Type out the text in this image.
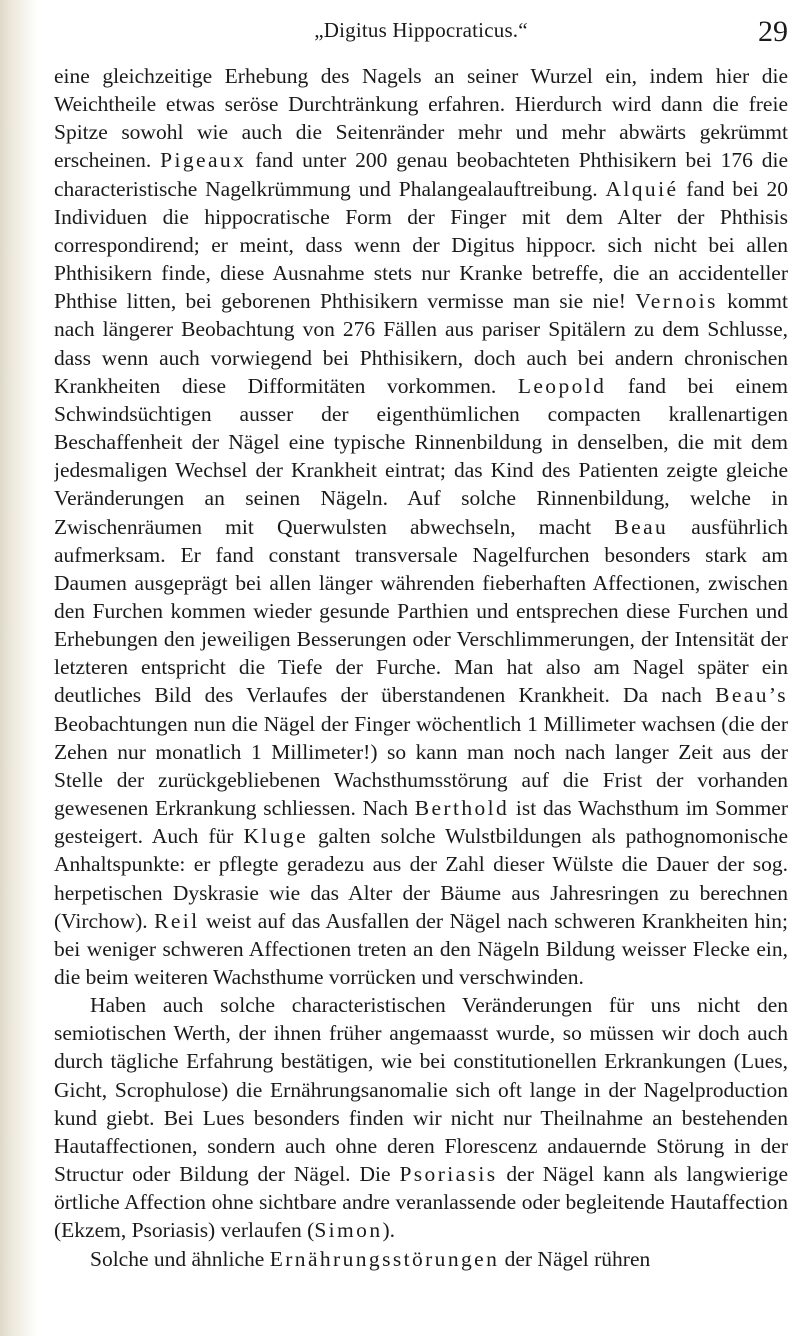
„Digitus Hippocraticus.“	29

eine gleichzeitige Erhebung des Nagels an seiner Wurzel ein, indem hier die Weichtheile etwas seröse Durchtränkung erfahren. Hierdurch wird dann die freie Spitze sowohl wie auch die Seitenränder mehr und mehr abwärts gekrümmt erscheinen. Pigeaux fand unter 200 genau beobachteten Phthisikern bei 176 die characteristische Nagelkrümmung und Phalangealauftreibung. Alquié fand bei 20 Individuen die hippocratische Form der Finger mit dem Alter der Phthisis correspondirend; er meint, dass wenn der Digitus hippocr. sich nicht bei allen Phthisikern finde, diese Ausnahme stets nur Kranke betreffe, die an accidenteller Phthise litten, bei geborenen Phthisikern vermisse man sie nie! Vernois kommt nach längerer Beobachtung von 276 Fällen aus pariser Spitälern zu dem Schlusse, dass wenn auch vorwiegend bei Phthisikern, doch auch bei andern chronischen Krankheiten diese Difformitäten vorkommen. Leopold fand bei einem Schwindsüchtigen ausser der eigenthümlichen compacten krallenartigen Beschaffenheit der Nägel eine typische Rinnenbildung in denselben, die mit dem jedesmaligen Wechsel der Krankheit eintrat; das Kind des Patienten zeigte gleiche Veränderungen an seinen Nägeln. Auf solche Rinnenbildung, welche in Zwischenräumen mit Querwulsten abwechseln, macht Beau ausführlich aufmerksam. Er fand constant transversale Nagelfurchen besonders stark am Daumen ausgeprägt bei allen länger währenden fieberhaften Affectionen, zwischen den Furchen kommen wieder gesunde Parthien und entsprechen diese Furchen und Erhebungen den jeweiligen Besserungen oder Verschlimmerungen, der Intensität der letzteren entspricht die Tiefe der Furche. Man hat also am Nagel später ein deutliches Bild des Verlaufes der überstandenen Krankheit. Da nach Beau’s Beobachtungen nun die Nägel der Finger wöchentlich 1 Millimeter wachsen (die der Zehen nur monatlich 1 Millimeter!) so kann man noch nach langer Zeit aus der Stelle der zurückgebliebenen Wachsthumsstörung auf die Frist der vorhanden gewesenen Erkrankung schliessen. Nach Berthold ist das Wachsthum im Sommer gesteigert. Auch für Kluge galten solche Wulstbildungen als pathognomonische Anhaltspunkte: er pflegte geradezu aus der Zahl dieser Wülste die Dauer der sog. herpetischen Dyskrasie wie das Alter der Bäume aus Jahresringen zu berechnen (Virchow). Reil weist auf das Ausfallen der Nägel nach schweren Krankheiten hin; bei weniger schweren Affectionen treten an den Nägeln Bildung weisser Flecke ein, die beim weiteren Wachsthume vorrücken und verschwinden.

Haben auch solche characteristischen Veränderungen für uns nicht den semiotischen Werth, der ihnen früher angemaasst wurde, so müssen wir doch auch durch tägliche Erfahrung bestätigen, wie bei constitutionellen Erkrankungen (Lues, Gicht, Scrophulose) die Ernährungsanomalie sich oft lange in der Nagelproduction kund giebt. Bei Lues besonders finden wir nicht nur Theilnahme an bestehenden Hautaffectionen, sondern auch ohne deren Florescenz andauernde Störung in der Structur oder Bildung der Nägel. Die Psoriasis der Nägel kann als langwierige örtliche Affection ohne sichtbare andre veranlassende oder begleitende Hautaffection (Ekzem, Psoriasis) verlaufen (Simon).

Solche und ähnliche Ernährungsstörungen der Nägel rühren
